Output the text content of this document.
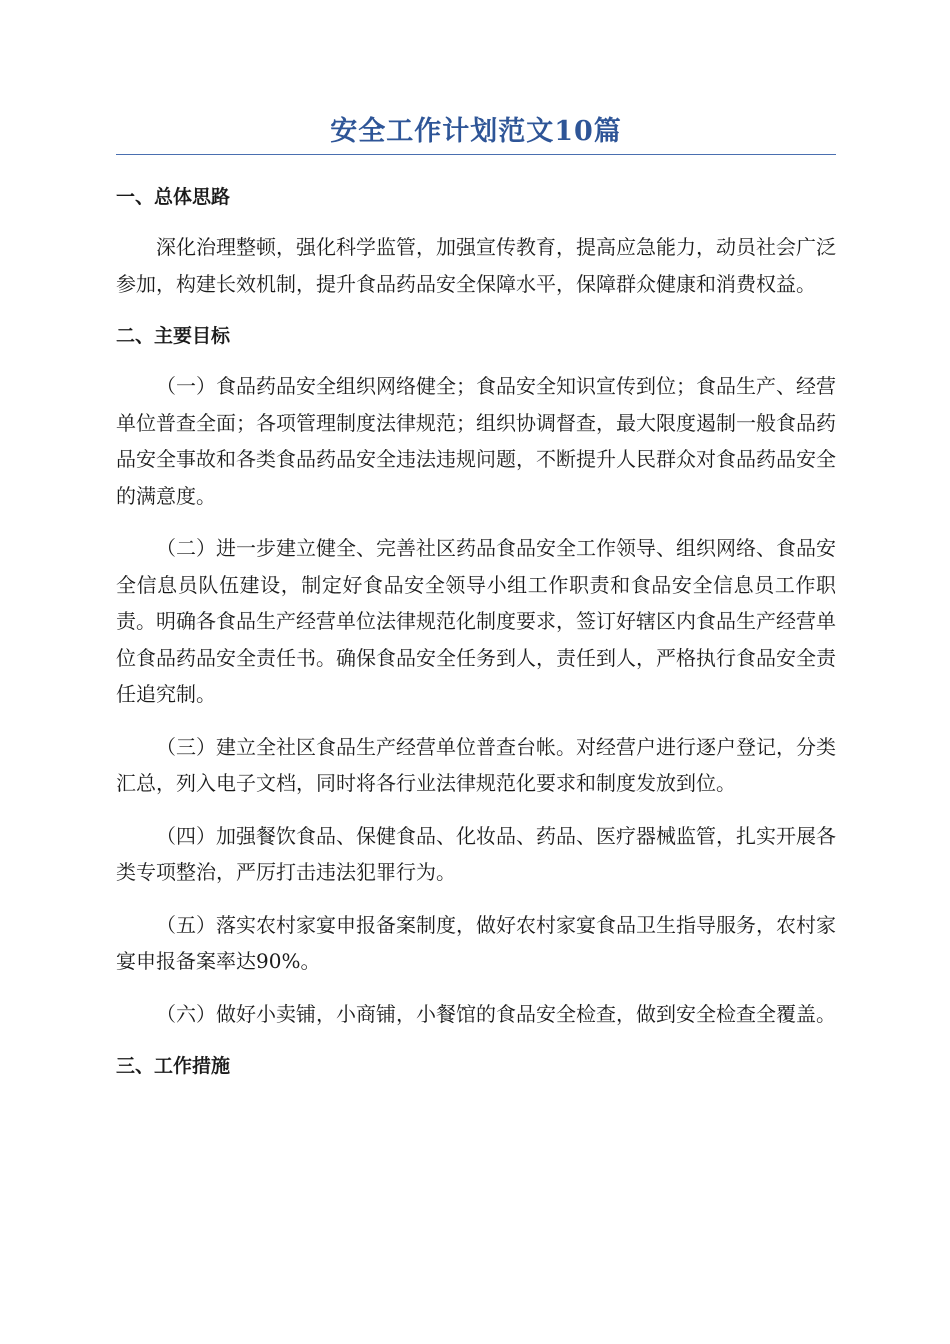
安全工作计划范文10篇
一、总体思路

深化治理整顿，强化科学监管，加强宣传教育，提高应急能力，动员社会广泛参加，构建长效机制，提升食品药品安全保障水平，保障群众健康和消费权益。

二、主要目标

（一）食品药品安全组织网络健全；食品安全知识宣传到位；食品生产、经营单位普查全面；各项管理制度法律规范；组织协调督查，最大限度遏制一般食品药品安全事故和各类食品药品安全违法违规问题，不断提升人民群众对食品药品安全的满意度。

（二）进一步建立健全、完善社区药品食品安全工作领导、组织网络、食品安全信息员队伍建设，制定好食品安全领导小组工作职责和食品安全信息员工作职责。明确各食品生产经营单位法律规范化制度要求，签订好辖区内食品生产经营单位食品药品安全责任书。确保食品安全任务到人，责任到人，严格执行食品安全责任追究制。

（三）建立全社区食品生产经营单位普查台帐。对经营户进行逐户登记，分类汇总，列入电子文档，同时将各行业法律规范化要求和制度发放到位。

（四）加强餐饮食品、保健食品、化妆品、药品、医疗器械监管，扎实开展各类专项整治，严厉打击违法犯罪行为。

（五）落实农村家宴申报备案制度，做好农村家宴食品卫生指导服务，农村家宴申报备案率达90%。

（六）做好小卖铺，小商铺，小餐馆的食品安全检查，做到安全检查全覆盖。

三、工作措施
